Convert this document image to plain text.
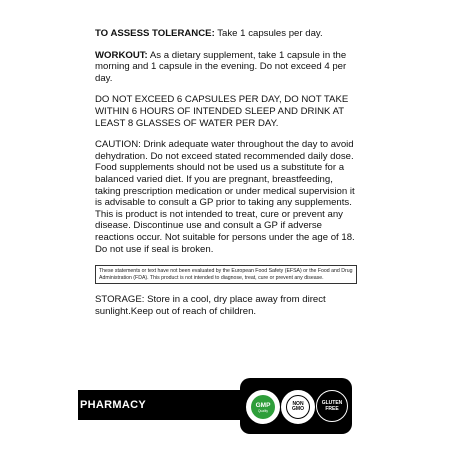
TO ASSESS TOLERANCE: Take 1 capsules per day.

WORKOUT: As a dietary supplement, take 1 capsule in the morning and 1 capsule in the evening. Do not exceed 4 per day.

DO NOT EXCEED 6 CAPSULES PER DAY, DO NOT TAKE WITHIN 6 HOURS OF INTENDED SLEEP AND DRINK AT LEAST 8 GLASSES OF WATER PER DAY.

CAUTION: Drink adequate water throughout the day to avoid dehydration. Do not exceed stated recommended daily dose. Food supplements should not be used us a substitute for a balanced varied diet. If you are pregnant, breastfeeding, taking prescription medication or under medical supervision it is advisable to consult a GP prior to taking any supplements. This is product is not intended to treat, cure or prevent any disease. Discontinue use and consult a GP if adverse reactions occur. Not suitable for persons under the age of 18. Do not use if seal is broken.

These statements or text have not been evaluated by the European Food Safety (EFSA) or the Food and Drug Administration (FDA). This product is not intended to diagnose, treat, cure or prevent any disease.

STORAGE: Store in a cool, dry place away from direct sunlight.Keep out of reach of children.

PHARMACY	GMP
Quality
NON
GMO
GLUTEN
FREE
